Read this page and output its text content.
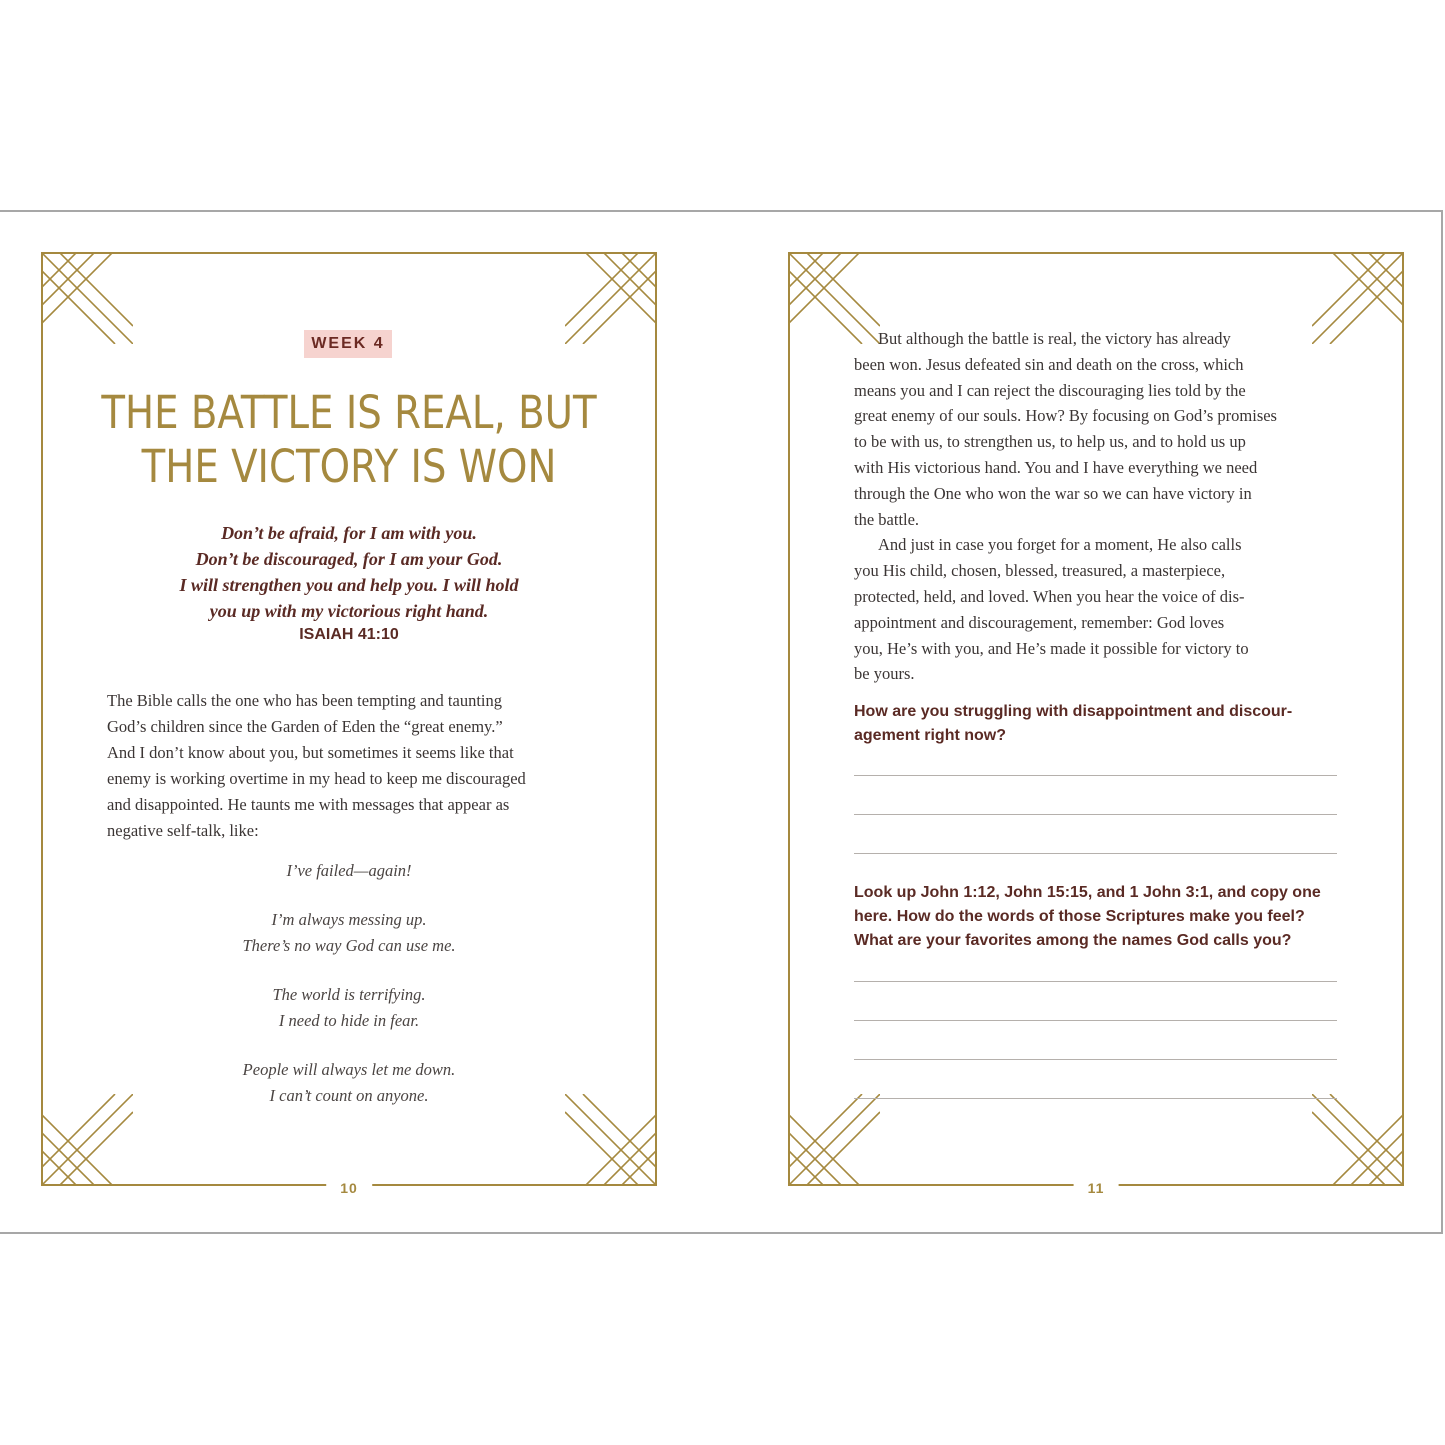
10	11
WEEK 4
THE BATTLE IS REAL, BUT
THE VICTORY IS WON
Don’t be afraid, for I am with you.
Don’t be discouraged, for I am your God.
I will strengthen you and help you. I will hold
you up with my victorious right hand.
ISAIAH 41:10
The Bible calls the one who has been tempting and taunting
God’s children since the Garden of Eden the “great enemy.”
And I don’t know about you, but sometimes it seems like that
enemy is working overtime in my head to keep me discouraged
and disappointed. He taunts me with messages that appear as
negative self-talk, like:
I’ve failed—again!
I’m always messing up.
There’s no way God can use me.
The world is terrifying.
I need to hide in fear.
People will always let me down.
I can’t count on anyone.
But although the battle is real, the victory has already
been won. Jesus defeated sin and death on the cross, which
means you and I can reject the discouraging lies told by the
great enemy of our souls. How? By focusing on God’s promises
to be with us, to strengthen us, to help us, and to hold us up
with His victorious hand. You and I have everything we need
through the One who won the war so we can have victory in
the battle.
And just in case you forget for a moment, He also calls
you His child, chosen, blessed, treasured, a masterpiece,
protected, held, and loved. When you hear the voice of dis-
appointment and discouragement, remember: God loves
you, He’s with you, and He’s made it possible for victory to
be yours.
How are you struggling with disappointment and discour-
agement right now?
Look up John 1:12, John 15:15, and 1 John 3:1, and copy one
here. How do the words of those Scriptures make you feel?
What are your favorites among the names God calls you?
